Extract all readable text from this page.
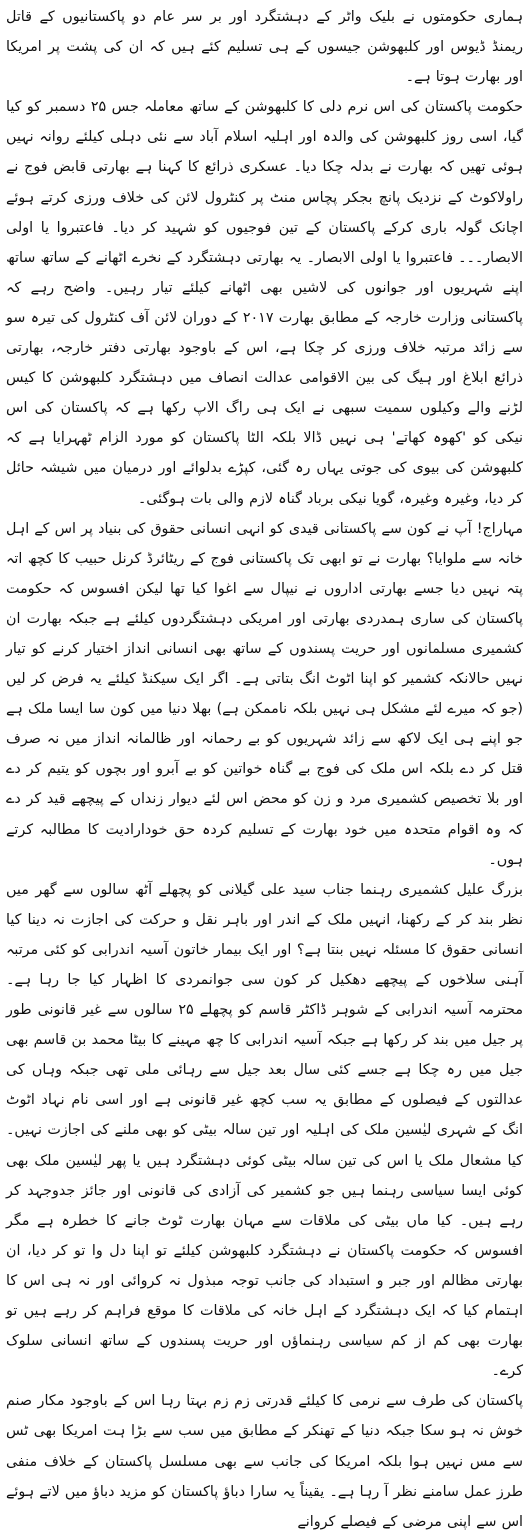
ہماری حکومتوں نے بلیک واٹر کے دہشتگرد اور بر سر عام دو پاکستانیوں کے قاتل ریمنڈ ڈیوس اور کلبھوشن جیسوں کے ہی تسلیم کئے ہیں کہ ان کی پشت پر امریکا اور بھارت ہوتا ہے۔

حکومت پاکستان کی اس نرم دلی کا کلبھوشن کے ساتھ معاملہ جس ۲۵ دسمبر کو کیا گیا، اسی روز کلبھوشن کی والدہ اور اہلیہ اسلام آباد سے نئی دہلی کیلئے روانہ نہیں ہوئی تھیں کہ بھارت نے بدلہ چکا دیا۔ عسکری ذرائع کا کہنا ہے بھارتی قابض فوج نے راولاکوٹ کے نزدیک پانچ بجکر پچاس منٹ پر کنٹرول لائن کی خلاف ورزی کرتے ہوئے اچانک گولہ باری کرکے پاکستان کے تین فوجیوں کو شہید کر دیا۔ فاعتبروا یا اولی الابصار۔۔۔ فاعتبروا یا اولی الابصار۔ یہ بھارتی دہشتگرد کے نخرے اٹھانے کے ساتھ ساتھ اپنے شہریوں اور جوانوں کی لاشیں بھی اٹھانے کیلئے تیار رہیں۔ واضح رہے کہ پاکستانی وزارت خارجہ کے مطابق بھارت ۲۰۱۷ کے دوران لائن آف کنٹرول کی تیرہ سو سے زائد مرتبہ خلاف ورزی کر چکا ہے، اس کے باوجود بھارتی دفتر خارجہ، بھارتی ذرائع ابلاغ اور ہیگ کی بین الاقوامی عدالت انصاف میں دہشتگرد کلبھوشن کا کیس لڑنے والے وکیلوں سمیت سبھی نے ایک ہی راگ الاپ رکھا ہے کہ پاکستان کی اس نیکی کو 'کھوہ کھاتے' ہی نہیں ڈالا بلکہ الٹا پاکستان کو مورد الزام ٹھہرایا ہے کہ کلبھوشن کی بیوی کی جوتی یہاں رہ گئی، کپڑے بدلوائے اور درمیان میں شیشہ حائل کر دیا، وغیرہ وغیرہ، گویا نیکی برباد گناہ لازم والی بات ہوگئی۔

مہاراج! آپ نے کون سے پاکستانی قیدی کو انہی انسانی حقوق کی بنیاد پر اس کے اہل خانہ سے ملوایا؟ بھارت نے تو ابھی تک پاکستانی فوج کے ریٹائرڈ کرنل حبیب کا کچھ اتہ پتہ نہیں دیا جسے بھارتی اداروں نے نیپال سے اغوا کیا تھا لیکن افسوس کہ حکومت پاکستان کی ساری ہمدردی بھارتی اور امریکی دہشتگردوں کیلئے ہے جبکہ بھارت ان کشمیری مسلمانوں اور حریت پسندوں کے ساتھ بھی انسانی انداز اختیار کرنے کو تیار نہیں حالانکہ کشمیر کو اپنا اٹوٹ انگ بتاتی ہے۔ اگر ایک سیکنڈ کیلئے یہ فرض کر لیں (جو کہ میرے لئے مشکل ہی نہیں بلکہ ناممکن ہے) بھلا دنیا میں کون سا ایسا ملک ہے جو اپنے ہی ایک لاکھ سے زائد شہریوں کو بے رحمانہ اور ظالمانہ انداز میں نہ صرف قتل کر دے بلکہ اس ملک کی فوج بے گناہ خواتین کو بے آبرو اور بچوں کو یتیم کر دے اور بلا تخصیص کشمیری مرد و زن کو محض اس لئے دیوار زنداں کے پیچھے قید کر دے کہ وہ اقوام متحدہ میں خود بھارت کے تسلیم کردہ حق خودارادیت کا مطالبہ کرتے ہوں۔

بزرگ علیل کشمیری رہنما جناب سید علی گیلانی کو پچھلے آٹھ سالوں سے گھر میں نظر بند کر کے رکھنا، انہیں ملک کے اندر اور باہر نقل و حرکت کی اجازت نہ دینا کیا انسانی حقوق کا مسئلہ نہیں بنتا ہے؟ اور ایک بیمار خاتون آسیہ اندرابی کو کئی مرتبہ آہنی سلاخوں کے پیچھے دھکیل کر کون سی جوانمردی کا اظہار کیا جا رہا ہے۔ محترمہ آسیہ اندرابی کے شوہر ڈاکٹر قاسم کو پچھلے ۲۵ سالوں سے غیر قانونی طور پر جیل میں بند کر رکھا ہے جبکہ آسیہ اندرابی کا چھ مہینے کا بیٹا محمد بن قاسم بھی جیل میں رہ چکا ہے جسے کئی سال بعد جیل سے رہائی ملی تھی جبکہ وہاں کی عدالتوں کے فیصلوں کے مطابق یہ سب کچھ غیر قانونی ہے اور اسی نام نہاد اٹوٹ انگ کے شہری لیٰسین ملک کی اہلیہ اور تین سالہ بیٹی کو بھی ملنے کی اجازت نہیں۔ کیا مشعال ملک یا اس کی تین سالہ بیٹی کوئی دہشتگرد ہیں یا پھر لیٰسین ملک بھی کوئی ایسا سیاسی رہنما ہیں جو کشمیر کی آزادی کی قانونی اور جائز جدوجہد کر رہے ہیں۔ کیا ماں بیٹی کی ملاقات سے مہان بھارت ٹوٹ جانے کا خطرہ ہے مگر افسوس کہ حکومت پاکستان نے دہشتگرد کلبھوشن کیلئے تو اپنا دل وا تو کر دیا، ان بھارتی مظالم اور جبر و استبداد کی جانب توجہ مبذول نہ کروائی اور نہ ہی اس کا اہتمام کیا کہ ایک دہشتگرد کے اہل خانہ کی ملاقات کا موقع فراہم کر رہے ہیں تو بھارت بھی کم از کم سیاسی رہنماؤں اور حریت پسندوں کے ساتھ انسانی سلوک کرے۔

پاکستان کی طرف سے نرمی کا کیلئے قدرتی زم زم بہتا رہا اس کے باوجود مکار صنم خوش نہ ہو سکا جبکہ دنیا کے تھنکر کے مطابق میں سب سے بڑا ہت امریکا بھی ٹس سے مس نہیں ہوا بلکہ امریکا کی جانب سے بھی مسلسل پاکستان کے خلاف منفی طرز عمل سامنے نظر آ رہا ہے۔ یقیناً یہ سارا دباؤ پاکستان کو مزید دباؤ میں لاتے ہوئے اس سے اپنی مرضی کے فیصلے کروانے
